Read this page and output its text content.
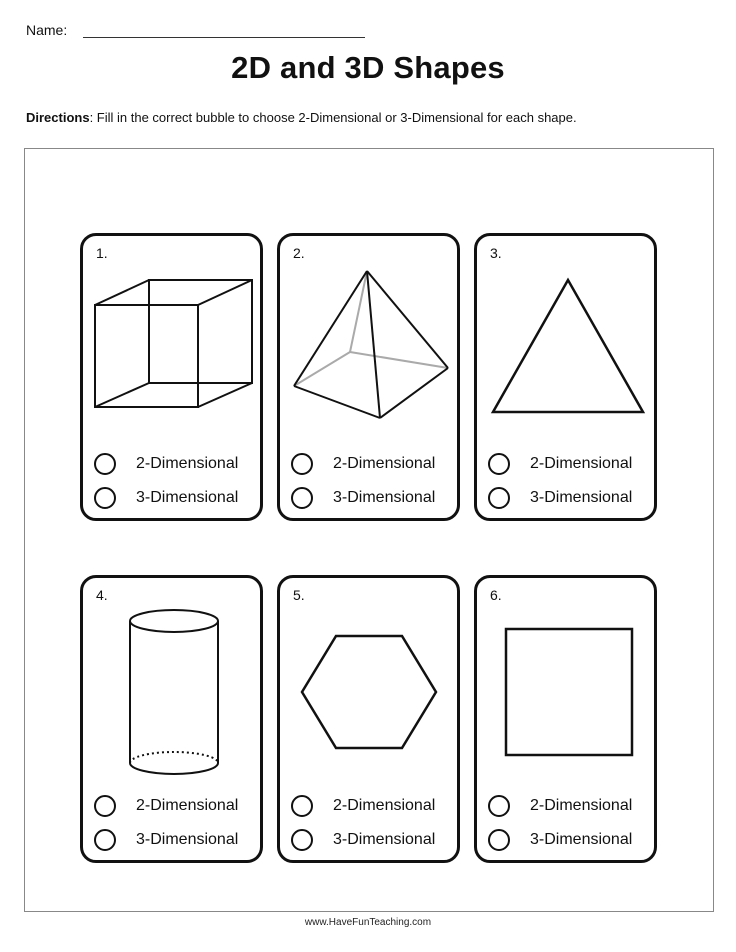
Name:
2D and 3D Shapes
Directions: Fill in the correct bubble to choose 2-Dimensional or 3-Dimensional for each shape.
1.
2-Dimensional
3-Dimensional
2.
2-Dimensional
3-Dimensional
3.
2-Dimensional
3-Dimensional
4.
2-Dimensional
3-Dimensional
5.
2-Dimensional
3-Dimensional
6.
2-Dimensional
3-Dimensional
www.HaveFunTeaching.com
